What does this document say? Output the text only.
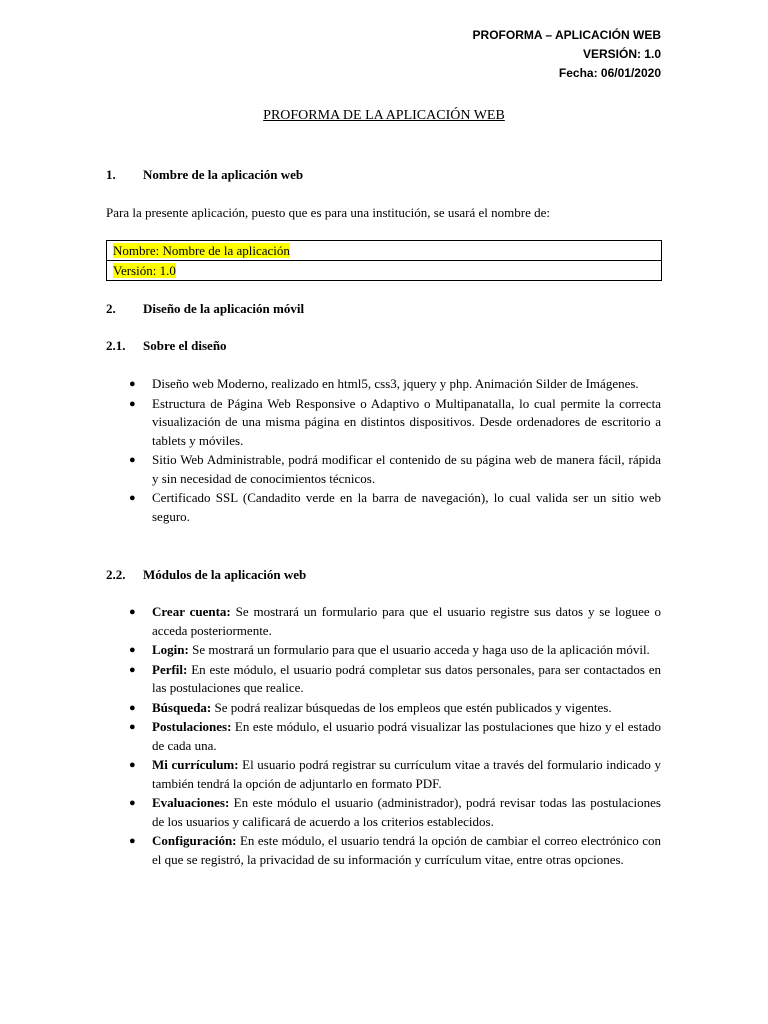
PROFORMA – APLICACIÓN WEB
VERSIÓN: 1.0
Fecha: 06/01/2020
PROFORMA DE LA APLICACIÓN WEB
1. Nombre de la aplicación web
Para la presente aplicación, puesto que es para una institución, se usará el nombre de:
Nombre: Nombre de la aplicación
Versión: 1.0
2. Diseño de la aplicación móvil
2.1. Sobre el diseño
● Diseño web Moderno, realizado en html5, css3, jquery y php. Animación Silder de Imágenes.
● Estructura de Página Web Responsive o Adaptivo o Multipanatalla, lo cual permite la correcta visualización de una misma página en distintos dispositivos. Desde ordenadores de escritorio a tablets y móviles.
● Sitio Web Administrable, podrá modificar el contenido de su página web de manera fácil, rápida y sin necesidad de conocimientos técnicos.
● Certificado SSL (Candadito verde en la barra de navegación), lo cual valida ser un sitio web seguro.
2.2. Módulos de la aplicación web
● Crear cuenta: Se mostrará un formulario para que el usuario registre sus datos y se loguee o acceda posteriormente.
● Login: Se mostrará un formulario para que el usuario acceda y haga uso de la aplicación móvil.
● Perfil: En este módulo, el usuario podrá completar sus datos personales, para ser contactados en las postulaciones que realice.
● Búsqueda: Se podrá realizar búsquedas de los empleos que estén publicados y vigentes.
● Postulaciones: En este módulo, el usuario podrá visualizar las postulaciones que hizo y el estado de cada una.
● Mi currículum: El usuario podrá registrar su currículum vitae a través del formulario indicado y también tendrá la opción de adjuntarlo en formato PDF.
● Evaluaciones: En este módulo el usuario (administrador), podrá revisar todas las postulaciones de los usuarios y calificará de acuerdo a los criterios establecidos.
● Configuración: En este módulo, el usuario tendrá la opción de cambiar el correo electrónico con el que se registró, la privacidad de su información y currículum vitae, entre otras opciones.
